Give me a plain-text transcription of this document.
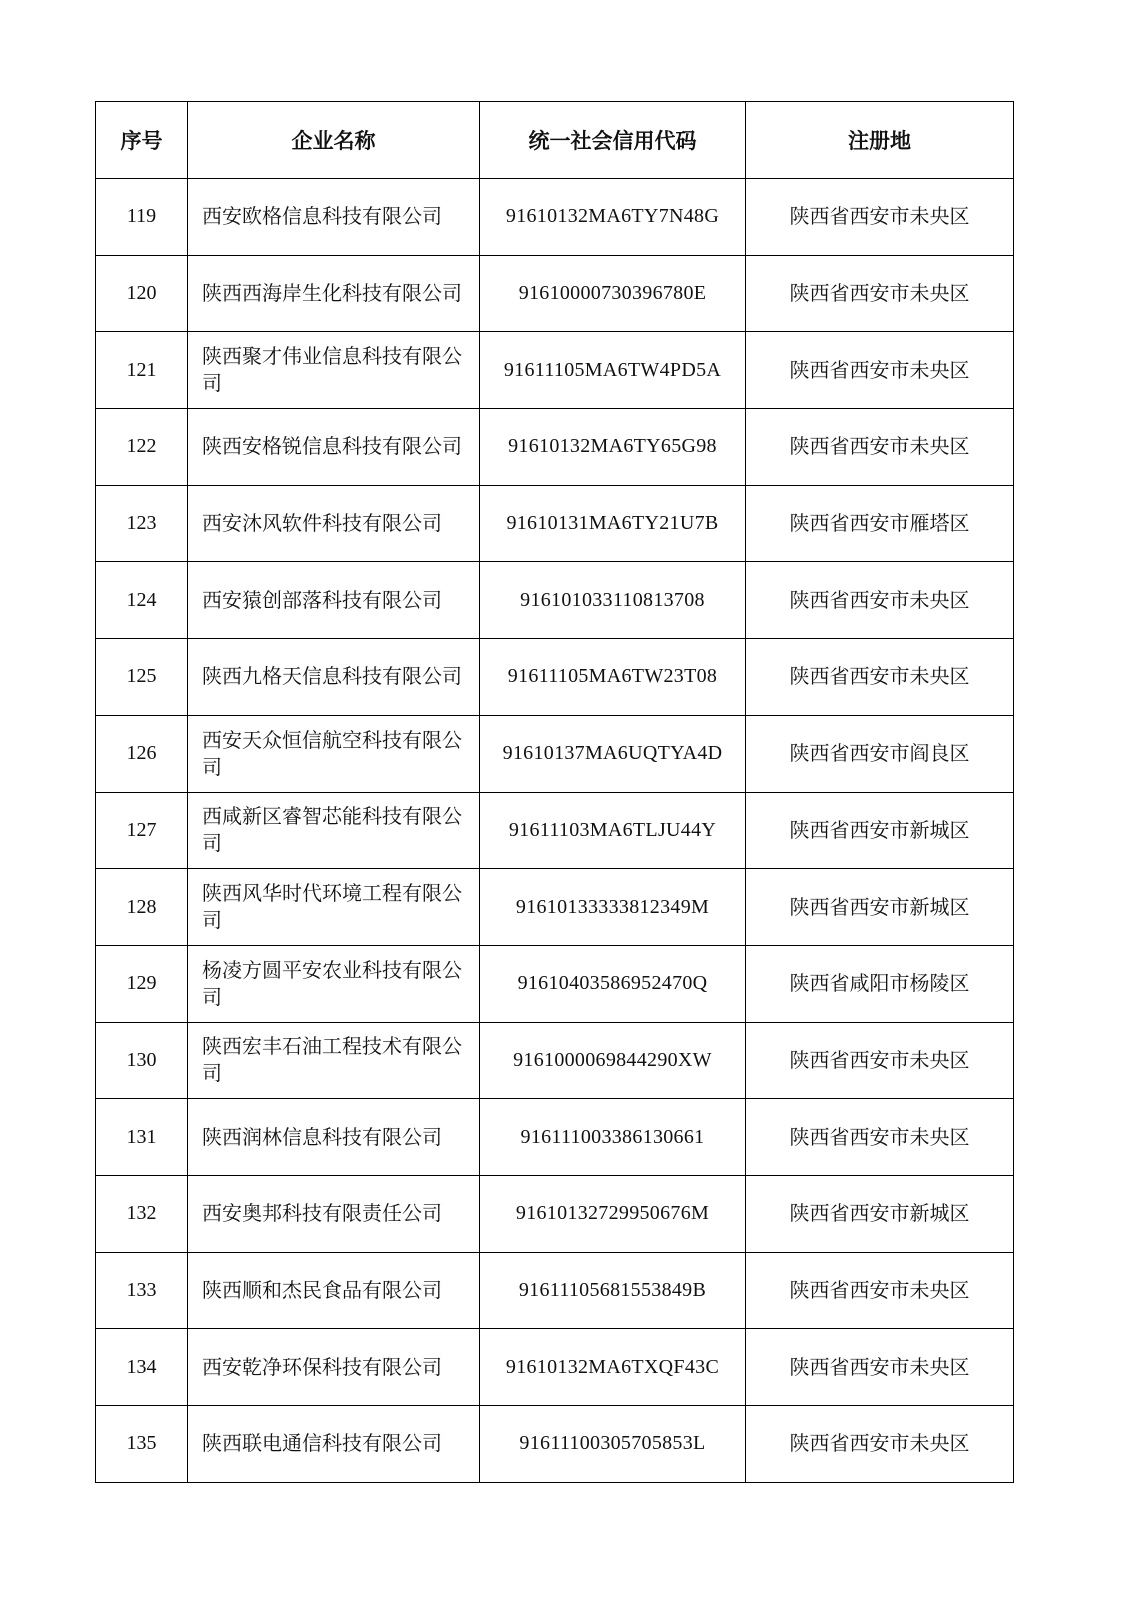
序号	企业名称	统一社会信用代码	注册地
119	西安欧格信息科技有限公司	91610132MA6TY7N48G	陕西省西安市未央区
120	陕西西海岸生化科技有限公司	91610000730396780E	陕西省西安市未央区
121	陕西聚才伟业信息科技有限公司	91611105MA6TW4PD5A	陕西省西安市未央区
122	陕西安格锐信息科技有限公司	91610132MA6TY65G98	陕西省西安市未央区
123	西安沐风软件科技有限公司	91610131MA6TY21U7B	陕西省西安市雁塔区
124	西安猿创部落科技有限公司	916101033110813708	陕西省西安市未央区
125	陕西九格天信息科技有限公司	91611105MA6TW23T08	陕西省西安市未央区
126	西安天众恒信航空科技有限公司	91610137MA6UQTYA4D	陕西省西安市阎良区
127	西咸新区睿智芯能科技有限公司	91611103MA6TLJU44Y	陕西省西安市新城区
128	陕西风华时代环境工程有限公司	91610133333812349M	陕西省西安市新城区
129	杨凌方圆平安农业科技有限公司	91610403586952470Q	陕西省咸阳市杨陵区
130	陕西宏丰石油工程技术有限公司	9161000069844290XW	陕西省西安市未央区
131	陕西润林信息科技有限公司	916111003386130661	陕西省西安市未央区
132	西安奥邦科技有限责任公司	91610132729950676M	陕西省西安市新城区
133	陕西顺和杰民食品有限公司	91611105681553849B	陕西省西安市未央区
134	西安乾净环保科技有限公司	91610132MA6TXQF43C	陕西省西安市未央区
135	陕西联电通信科技有限公司	91611100305705853L	陕西省西安市未央区
